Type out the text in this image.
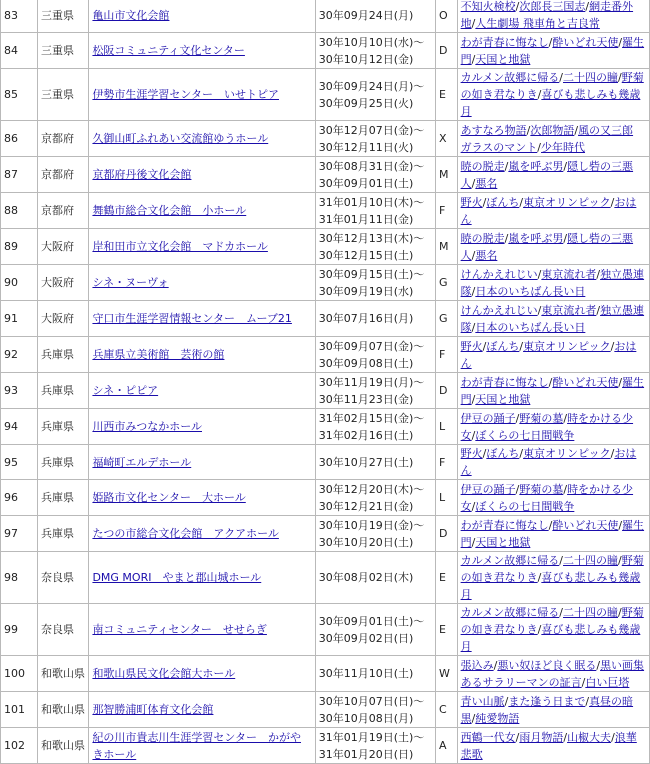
83	三重県	亀山市文化会館	30年09月24日(月)	O	不知火検校/次郎長三国志/網走番外地/人生劇場 飛車角と吉良常
84	三重県	松阪コミュニティ文化センター	30年10月10日(水)〜
30年10月12日(金)	D	わが青春に悔なし/酔いどれ天使/羅生門/天国と地獄
85	三重県	伊勢市生涯学習センター　いせトピア	30年09月24日(月)〜
30年09月25日(火)	E	カルメン故郷に帰る/二十四の瞳/野菊の如き君なりき/喜びも悲しみも幾歳月
86	京都府	久御山町ふれあい交流館ゆうホール	30年12月07日(金)〜
30年12月11日(火)	X	あすなろ物語/次郎物語/風の又三郎 ガラスのマント/少年時代
87	京都府	京都府丹後文化会館	30年08月31日(金)〜
30年09月01日(土)	M	暁の脱走/嵐を呼ぶ男/隠し砦の三悪人/悪名
88	京都府	舞鶴市総合文化会館　小ホール	31年01月10日(木)〜
31年01月11日(金)	F	野火/ぼんち/東京オリンピック/おはん
89	大阪府	岸和田市立文化会館　マドカホール	30年12月13日(木)〜
30年12月15日(土)	M	暁の脱走/嵐を呼ぶ男/隠し砦の三悪人/悪名
90	大阪府	シネ・ヌーヴォ	30年09月15日(土)〜
30年09月19日(水)	G	けんかえれじい/東京流れ者/独立愚連隊/日本のいちばん長い日
91	大阪府	守口市生涯学習情報センター　ムーブ21	30年07月16日(月)	G	けんかえれじい/東京流れ者/独立愚連隊/日本のいちばん長い日
92	兵庫県	兵庫県立美術館　芸術の館	30年09月07日(金)〜
30年09月08日(土)	F	野火/ぼんち/東京オリンピック/おはん
93	兵庫県	シネ・ピピア	30年11月19日(月)〜
30年11月23日(金)	D	わが青春に悔なし/酔いどれ天使/羅生門/天国と地獄
94	兵庫県	川西市みつなかホール	31年02月15日(金)〜
31年02月16日(土)	L	伊豆の踊子/野菊の墓/時をかける少女/ぼくらの七日間戦争
95	兵庫県	福崎町エルデホール	30年10月27日(土)	F	野火/ぼんち/東京オリンピック/おはん
96	兵庫県	姫路市文化センター　大ホール	30年12月20日(木)〜
30年12月21日(金)	L	伊豆の踊子/野菊の墓/時をかける少女/ぼくらの七日間戦争
97	兵庫県	たつの市総合文化会館　アクアホール	30年10月19日(金)〜
30年10月20日(土)	D	わが青春に悔なし/酔いどれ天使/羅生門/天国と地獄
98	奈良県	DMG MORI　やまと郡山城ホール	30年08月02日(木)	E	カルメン故郷に帰る/二十四の瞳/野菊の如き君なりき/喜びも悲しみも幾歳月
99	奈良県	南コミュニティセンター　せせらぎ	30年09月01日(土)〜
30年09月02日(日)	E	カルメン故郷に帰る/二十四の瞳/野菊の如き君なりき/喜びも悲しみも幾歳月
100	和歌山県	和歌山県民文化会館大ホール	30年11月10日(土)	W	張込み/悪い奴ほど良く眠る/黒い画集 あるサラリーマンの証言/白い巨塔
101	和歌山県	那智勝浦町体育文化会館	30年10月07日(日)〜
30年10月08日(月)	C	青い山脈/また逢う日まで/真昼の暗黒/純愛物語
102	和歌山県	紀の川市貴志川生涯学習センター　かがやきホール	31年01月19日(土)〜
31年01月20日(日)	A	西鶴一代女/雨月物語/山椒大夫/浪華悲歌
